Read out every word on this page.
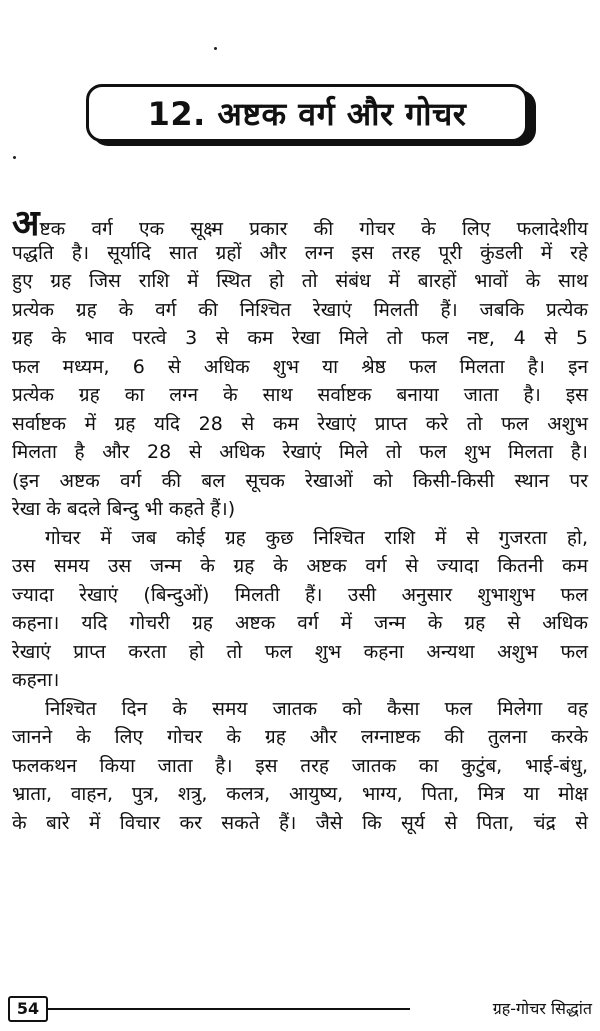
12. अष्टक वर्ग और गोचर
अष्टक वर्ग एक सूक्ष्म प्रकार की गोचर के लिए फलादेशीय
पद्धति है। सूर्यादि सात ग्रहों और लग्न इस तरह पूरी कुंडली में रहे
हुए ग्रह जिस राशि में स्थित हो तो संबंध में बारहों भावों के साथ
प्रत्येक ग्रह के वर्ग की निश्चित रेखाएं मिलती हैं। जबकि प्रत्येक
ग्रह के भाव परत्वे 3 से कम रेखा मिले तो फल नष्ट, 4 से 5
फल मध्यम, 6 से अधिक शुभ या श्रेष्ठ फल मिलता है। इन
प्रत्येक ग्रह का लग्न के साथ सर्वाष्टक बनाया जाता है। इस
सर्वाष्टक में ग्रह यदि 28 से कम रेखाएं प्राप्त करे तो फल अशुभ
मिलता है और 28 से अधिक रेखाएं मिले तो फल शुभ मिलता है।
(इन अष्टक वर्ग की बल सूचक रेखाओं को किसी-किसी स्थान पर
रेखा के बदले बिन्दु भी कहते हैं।)
गोचर में जब कोई ग्रह कुछ निश्चित राशि में से गुजरता हो,
उस समय उस जन्म के ग्रह के अष्टक वर्ग से ज्यादा कितनी कम
ज्यादा रेखाएं (बिन्दुओं) मिलती हैं। उसी अनुसार शुभाशुभ फल
कहना। यदि गोचरी ग्रह अष्टक वर्ग में जन्म के ग्रह से अधिक
रेखाएं प्राप्त करता हो तो फल शुभ कहना अन्यथा अशुभ फल
कहना।
निश्चित दिन के समय जातक को कैसा फल मिलेगा वह
जानने के लिए गोचर के ग्रह और लग्नाष्टक की तुलना करके
फलकथन किया जाता है। इस तरह जातक का कुटुंब, भाई-बंधु,
भ्राता, वाहन, पुत्र, शत्रु, कलत्र, आयुष्य, भाग्य, पिता, मित्र या मोक्ष
के बारे में विचार कर सकते हैं। जैसे कि सूर्य से पिता, चंद्र से
54	ग्रह-गोचर सिद्धांत
